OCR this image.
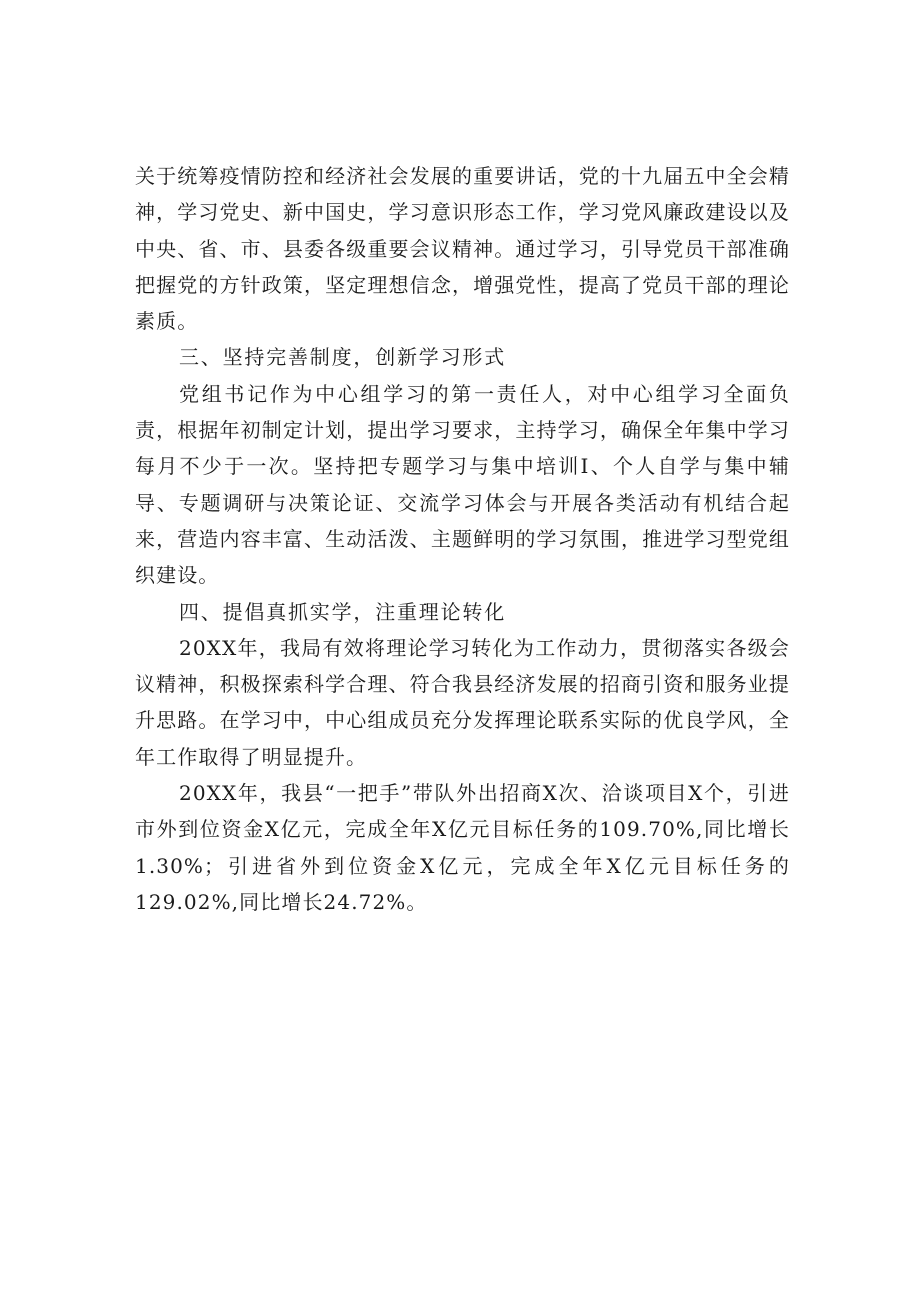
关于统筹疫情防控和经济社会发展的重要讲话，党的十九届五中全会精神，学习党史、新中国史，学习意识形态工作，学习党风廉政建设以及中央、省、市、县委各级重要会议精神。通过学习，引导党员干部准确把握党的方针政策，坚定理想信念，增强党性，提高了党员干部的理论素质。

三、坚持完善制度，创新学习形式

党组书记作为中心组学习的第一责任人，对中心组学习全面负责，根据年初制定计划，提出学习要求，主持学习，确保全年集中学习每月不少于一次。坚持把专题学习与集中培训I、个人自学与集中辅导、专题调研与决策论证、交流学习体会与开展各类活动有机结合起来，营造内容丰富、生动活泼、主题鲜明的学习氛围，推进学习型党组织建设。

四、提倡真抓实学，注重理论转化

20XX年，我局有效将理论学习转化为工作动力，贯彻落实各级会议精神，积极探索科学合理、符合我县经济发展的招商引资和服务业提升思路。在学习中，中心组成员充分发挥理论联系实际的优良学风，全年工作取得了明显提升。

20XX年，我县“一把手”带队外出招商X次、洽谈项目X个，引进市外到位资金X亿元，完成全年X亿元目标任务的109.70%,同比增长1.30%；引进省外到位资金X亿元，完成全年X亿元目标任务的129.02%,同比增长24.72%。
